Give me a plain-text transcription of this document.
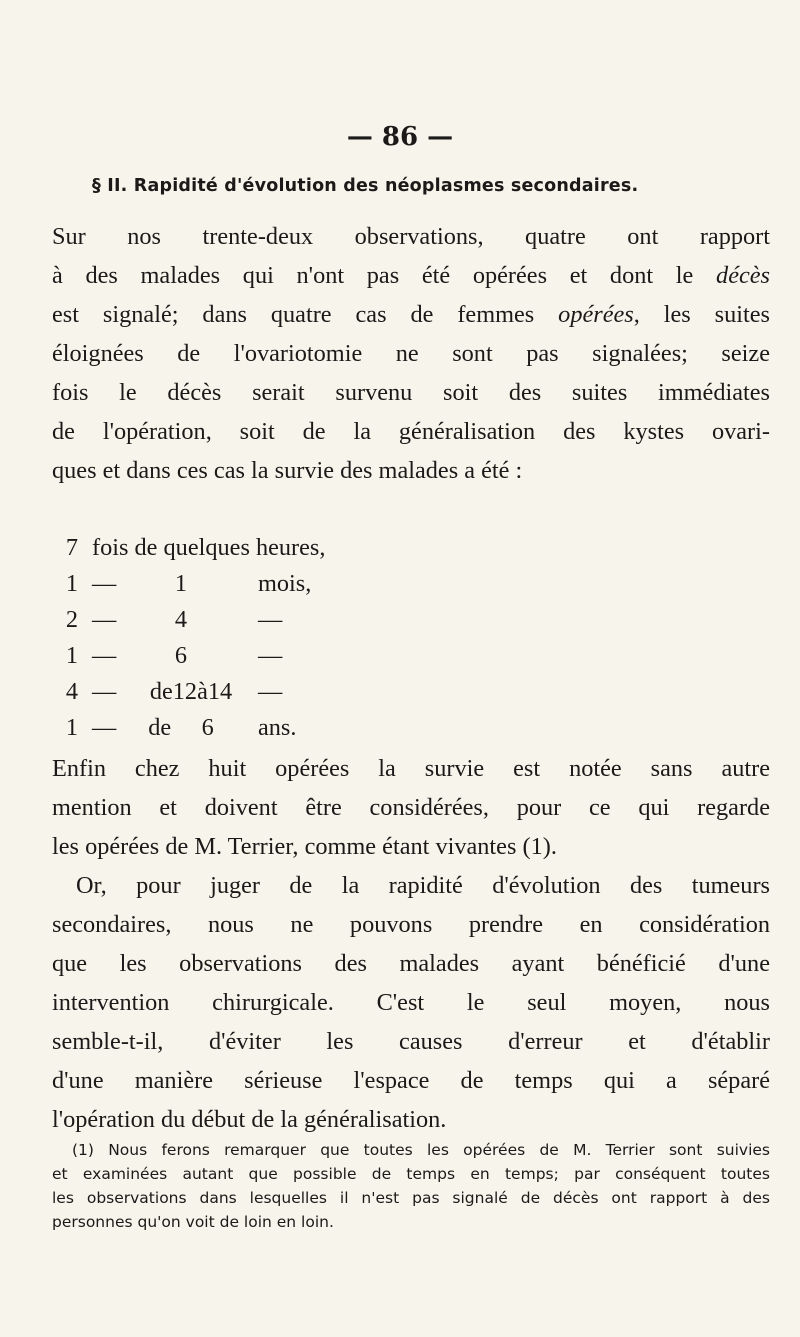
— 86 —
§ II. Rapidité d'évolution des néoplasmes secondaires.
Sur nos trente-deux observations, quatre ont rapport
à des malades qui n'ont pas été opérées et dont le décès
est signalé; dans quatre cas de femmes opérées, les suites
éloignées de l'ovariotomie ne sont pas signalées; seize
fois le décès serait survenu soit des suites immédiates
de l'opération, soit de la généralisation des kystes ovari-
ques et dans ces cas la survie des malades a été :
7 fois de quelques heures,
1 —	1	mois,
2 —	4	—
1 —	6	—
4 —	de12à14	—
1 —	de     6	ans.
Enfin chez huit opérées la survie est notée sans autre
mention et doivent être considérées, pour ce qui regarde
les opérées de M. Terrier, comme étant vivantes (1).
Or, pour juger de la rapidité d'évolution des tumeurs
secondaires, nous ne pouvons prendre en considération
que les observations des malades ayant bénéficié d'une
intervention chirurgicale. C'est le seul moyen, nous
semble-t-il, d'éviter les causes d'erreur et d'établir
d'une manière sérieuse l'espace de temps qui a séparé
l'opération du début de la généralisation.
(1) Nous ferons remarquer que toutes les opérées de M. Terrier sont suivies
et examinées autant que possible de temps en temps; par conséquent toutes
les observations dans lesquelles il n'est pas signalé de décès ont rapport à des
personnes qu'on voit de loin en loin.
